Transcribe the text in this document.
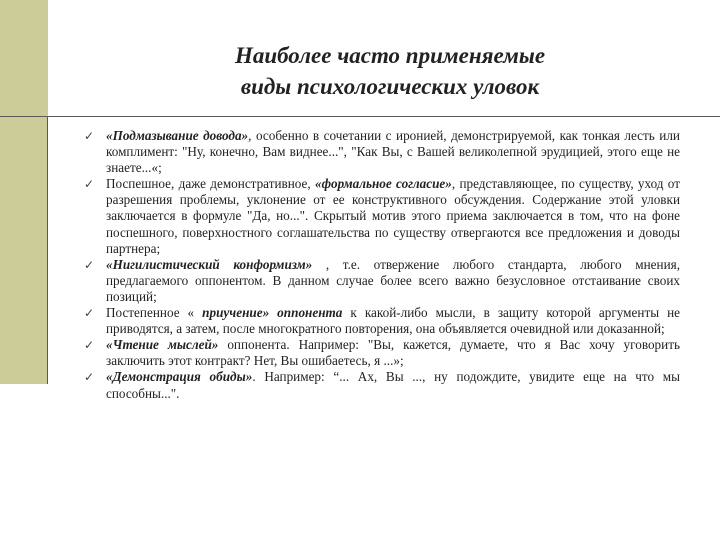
Наиболее часто применяемые
виды психологических уловок
✓ «Подмазывание довода», особенно в сочетании с иронией, демонстрируемой, как тонкая лесть или комплимент: "Ну, конечно, Вам виднее...", "Как Вы, с Вашей великолепной эрудицией, этого еще не знаете...«;
✓ Поспешное, даже демонстративное, «формальное согласие», представляющее, по существу, уход от разрешения проблемы, уклонение от ее конструктивного обсуждения. Содержание этой уловки заключается в формуле "Да, но...". Скрытый мотив этого приема заключается в том, что на фоне поспешного, поверхностного соглашательства по существу отвергаются все предложения и доводы партнера;
✓ «Нигилистический конформизм» , т.е. отвержение любого стандарта, любого мнения, предлагаемого оппонентом. В данном случае более всего важно безусловное отстаивание своих позиций;
✓ Постепенное « приучение» оппонента к какой-либо мысли, в защиту которой аргументы не приводятся, а затем, после многократного повторения, она объявляется очевидной или доказанной;
✓ «Чтение мыслей» оппонента. Например: "Вы, кажется, думаете, что я Вас хочу уговорить заключить этот контракт? Нет, Вы ошибаетесь, я ...»;
✓ «Демонстрация обиды». Например: “... Ах, Вы ..., ну подождите, увидите еще на что мы способны...".
